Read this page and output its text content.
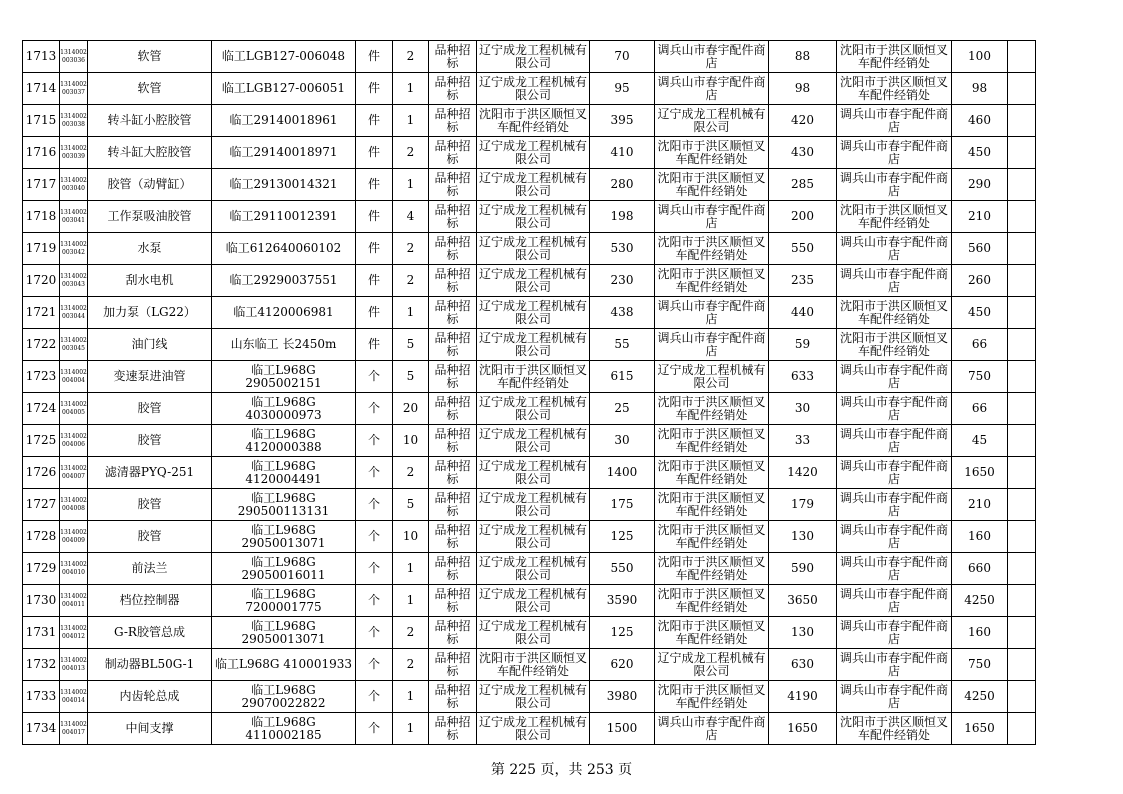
1713	1314002 003036	软管	临工LGB127-006048	件	2	品种招标	辽宁成龙工程机械有限公司	70	调兵山市春宇配件商店	88	沈阳市于洪区顺恒叉车配件经销处	100	
1714	1314002 003037	软管	临工LGB127-006051	件	1	品种招标	辽宁成龙工程机械有限公司	95	调兵山市春宇配件商店	98	沈阳市于洪区顺恒叉车配件经销处	98	
1715	1314002 003038	转斗缸小腔胶管	临工29140018961	件	1	品种招标	沈阳市于洪区顺恒叉车配件经销处	395	辽宁成龙工程机械有限公司	420	调兵山市春宇配件商店	460	
1716	1314002 003039	转斗缸大腔胶管	临工29140018971	件	2	品种招标	辽宁成龙工程机械有限公司	410	沈阳市于洪区顺恒叉车配件经销处	430	调兵山市春宇配件商店	450	
1717	1314002 003040	胶管（动臂缸）	临工29130014321	件	1	品种招标	辽宁成龙工程机械有限公司	280	沈阳市于洪区顺恒叉车配件经销处	285	调兵山市春宇配件商店	290	
1718	1314002 003041	工作泵吸油胶管	临工29110012391	件	4	品种招标	辽宁成龙工程机械有限公司	198	调兵山市春宇配件商店	200	沈阳市于洪区顺恒叉车配件经销处	210	
1719	1314002 003042	水泵	临工612640060102	件	2	品种招标	辽宁成龙工程机械有限公司	530	沈阳市于洪区顺恒叉车配件经销处	550	调兵山市春宇配件商店	560	
1720	1314002 003043	刮水电机	临工29290037551	件	2	品种招标	辽宁成龙工程机械有限公司	230	沈阳市于洪区顺恒叉车配件经销处	235	调兵山市春宇配件商店	260	
1721	1314002 003044	加力泵（LG22）	临工4120006981	件	1	品种招标	辽宁成龙工程机械有限公司	438	调兵山市春宇配件商店	440	沈阳市于洪区顺恒叉车配件经销处	450	
1722	1314002 003045	油门线	山东临工 长2450m	件	5	品种招标	辽宁成龙工程机械有限公司	55	调兵山市春宇配件商店	59	沈阳市于洪区顺恒叉车配件经销处	66	
1723	1314002 004004	变速泵进油管	临工L968G 2905002151	个	5	品种招标	沈阳市于洪区顺恒叉车配件经销处	615	辽宁成龙工程机械有限公司	633	调兵山市春宇配件商店	750	
1724	1314002 004005	胶管	临工L968G 4030000973	个	20	品种招标	辽宁成龙工程机械有限公司	25	沈阳市于洪区顺恒叉车配件经销处	30	调兵山市春宇配件商店	66	
1725	1314002 004006	胶管	临工L968G 4120000388	个	10	品种招标	辽宁成龙工程机械有限公司	30	沈阳市于洪区顺恒叉车配件经销处	33	调兵山市春宇配件商店	45	
1726	1314002 004007	滤清器PYQ-251	临工L968G 4120004491	个	2	品种招标	辽宁成龙工程机械有限公司	1400	沈阳市于洪区顺恒叉车配件经销处	1420	调兵山市春宇配件商店	1650	
1727	1314002 004008	胶管	临工L968G 290500113131	个	5	品种招标	辽宁成龙工程机械有限公司	175	沈阳市于洪区顺恒叉车配件经销处	179	调兵山市春宇配件商店	210	
1728	1314002 004009	胶管	临工L968G 29050013071	个	10	品种招标	辽宁成龙工程机械有限公司	125	沈阳市于洪区顺恒叉车配件经销处	130	调兵山市春宇配件商店	160	
1729	1314002 004010	前法兰	临工L968G 29050016011	个	1	品种招标	辽宁成龙工程机械有限公司	550	沈阳市于洪区顺恒叉车配件经销处	590	调兵山市春宇配件商店	660	
1730	1314002 004011	档位控制器	临工L968G 7200001775	个	1	品种招标	辽宁成龙工程机械有限公司	3590	沈阳市于洪区顺恒叉车配件经销处	3650	调兵山市春宇配件商店	4250	
1731	1314002 004012	G-R胶管总成	临工L968G 29050013071	个	2	品种招标	辽宁成龙工程机械有限公司	125	沈阳市于洪区顺恒叉车配件经销处	130	调兵山市春宇配件商店	160	
1732	1314002 004013	制动器BL50G-1	临工L968G 410001933	个	2	品种招标	沈阳市于洪区顺恒叉车配件经销处	620	辽宁成龙工程机械有限公司	630	调兵山市春宇配件商店	750	
1733	1314002 004014	内齿轮总成	临工L968G 29070022822	个	1	品种招标	辽宁成龙工程机械有限公司	3980	沈阳市于洪区顺恒叉车配件经销处	4190	调兵山市春宇配件商店	4250	
1734	1314002 004017	中间支撑	临工L968G 4110002185	个	1	品种招标	辽宁成龙工程机械有限公司	1500	调兵山市春宇配件商店	1650	沈阳市于洪区顺恒叉车配件经销处	1650	
第 225 页，共 253 页
